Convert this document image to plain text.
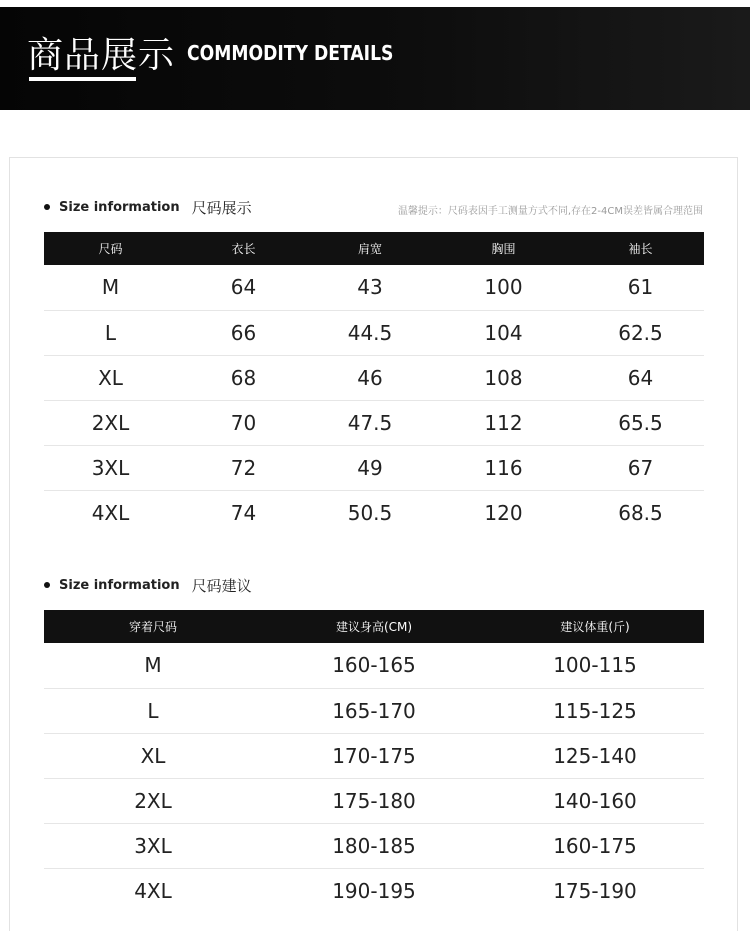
商品展示 COMMODITY DETAILS
Size information 尺码展示	温馨提示：尺码表因手工测量方式不同,存在2-4CM误差皆属合理范围
尺码	衣长	肩宽	胸围	袖长
M	64	43	100	61
L	66	44.5	104	62.5
XL	68	46	108	64
2XL	70	47.5	112	65.5
3XL	72	49	116	67
4XL	74	50.5	120	68.5
Size information 尺码建议
穿着尺码	建议身高(CM)	建议体重(斤)
M	160-165	100-115
L	165-170	115-125
XL	170-175	125-140
2XL	175-180	140-160
3XL	180-185	160-175
4XL	190-195	175-190
